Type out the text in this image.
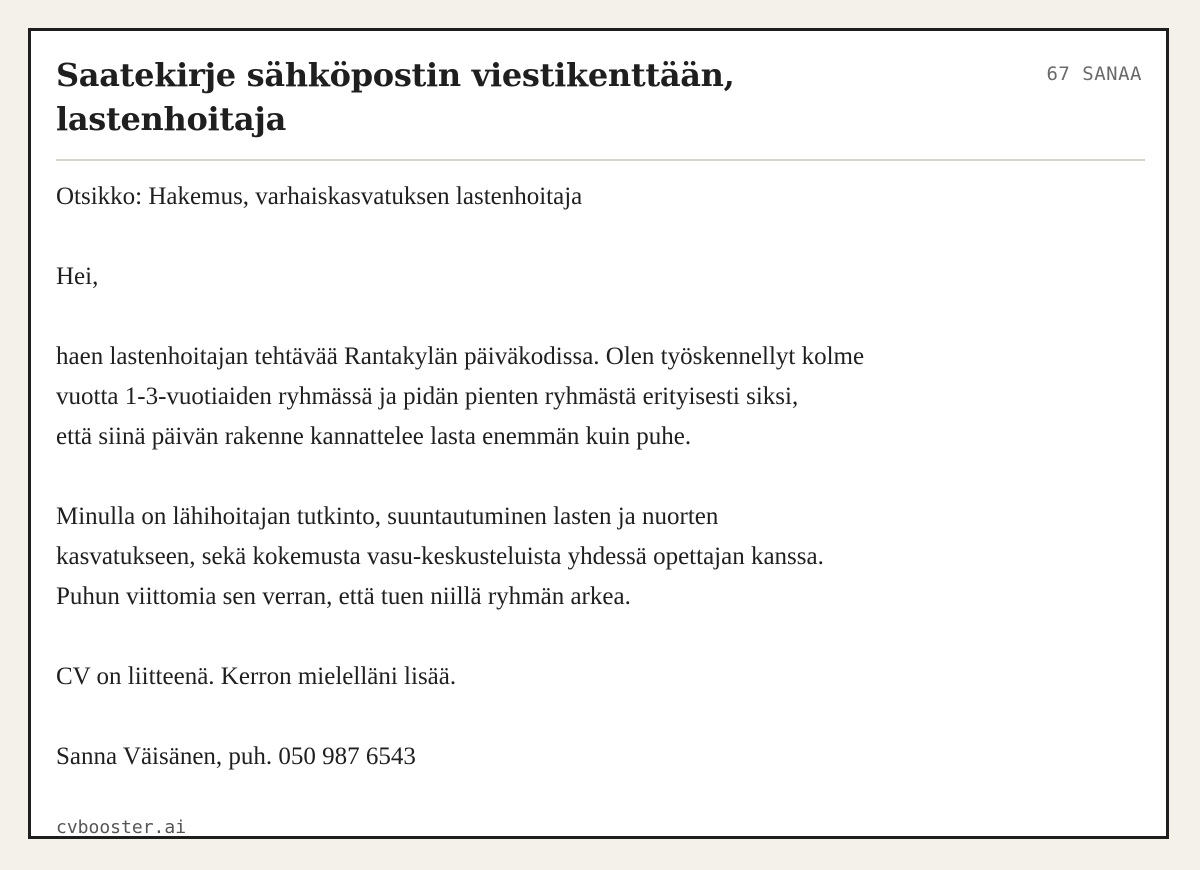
Saatekirje sähköpostin viestikenttään, lastenhoitaja
67 SANAA
Otsikko: Hakemus, varhaiskasvatuksen lastenhoitaja
Hei,
haen lastenhoitajan tehtävää Rantakylän päiväkodissa. Olen työskennellyt kolme
vuotta 1-3-vuotiaiden ryhmässä ja pidän pienten ryhmästä erityisesti siksi,
että siinä päivän rakenne kannattelee lasta enemmän kuin puhe.
Minulla on lähihoitajan tutkinto, suuntautuminen lasten ja nuorten
kasvatukseen, sekä kokemusta vasu-keskusteluista yhdessä opettajan kanssa.
Puhun viittomia sen verran, että tuen niillä ryhmän arkea.
CV on liitteenä. Kerron mielelläni lisää.
Sanna Väisänen, puh. 050 987 6543
cvbooster.ai
